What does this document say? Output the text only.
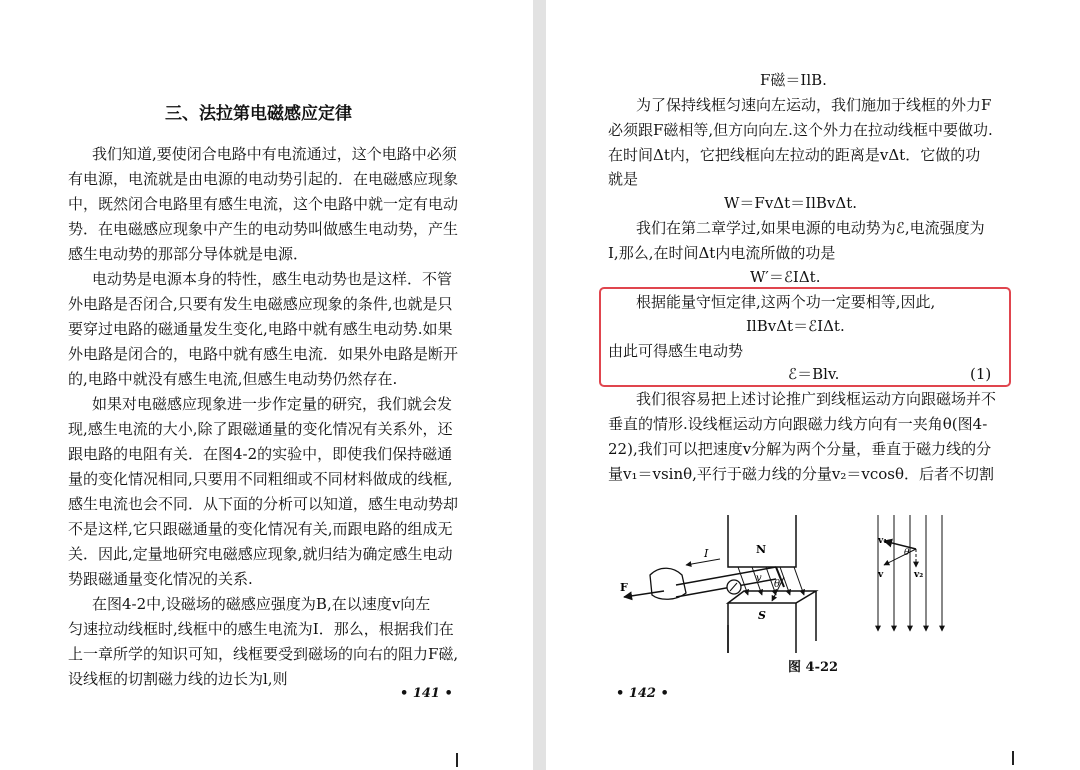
三、法拉第电磁感应定律
我们知道,要使闭合电路中有电流通过，这个电路中必须
有电源，电流就是由电源的电动势引起的．在电磁感应现象
中，既然闭合电路里有感生电流，这个电路中就一定有电动
势．在电磁感应现象中产生的电动势叫做感生电动势，产生
感生电动势的那部分导体就是电源．
电动势是电源本身的特性，感生电动势也是这样．不管
外电路是否闭合,只要有发生电磁感应现象的条件,也就是只
要穿过电路的磁通量发生变化,电路中就有感生电动势.如果
外电路是闭合的，电路中就有感生电流．如果外电路是断开
的,电路中就没有感生电流,但感生电动势仍然存在.
如果对电磁感应现象进一步作定量的研究，我们就会发
现,感生电流的大小,除了跟磁通量的变化情况有关系外，还
跟电路的电阻有关．在图4-2的实验中，即使我们保持磁通
量的变化情况相同,只要用不同粗细或不同材料做成的线框,
感生电流也会不同．从下面的分析可以知道，感生电动势却
不是这样,它只跟磁通量的变化情况有关,而跟电路的组成无
关．因此,定量地研究电磁感应现象,就归结为确定感生电动
势跟磁通量变化情况的关系.
在图4-2中,设磁场的磁感应强度为B,在以速度v向左
匀速拉动线框时,线框中的感生电流为I．那么，根据我们在
上一章所学的知识可知，线框要受到磁场的向右的阻力F磁,
设线框的切割磁力线的边长为l,则
• 141 •
F磁＝IlB.
为了保持线框匀速向左运动，我们施加于线框的外力F
必须跟F磁相等,但方向向左.这个外力在拉动线框中要做功.
在时间Δt内，它把线框向左拉动的距离是vΔt．它做的功
就是
W＝FvΔt＝IlBvΔt.
我们在第二章学过,如果电源的电动势为ℰ,电流强度为
I,那么,在时间Δt内电流所做的功是
W′＝ℰIΔt.
根据能量守恒定律,这两个功一定要相等,因此,
IlBvΔt＝ℰIΔt.
由此可得感生电动势
ℰ＝Blv.	(1)
我们很容易把上述讨论推广到线框运动方向跟磁场并不
垂直的情形.设线框运动方向跟磁力线方向有一夹角θ(图4-
22),我们可以把速度v分解为两个分量，垂直于磁力线的分
量v₁＝vsinθ,平行于磁力线的分量v₂＝vcosθ．后者不切割
N
S
F
I
v
θ
v₁
v	v₂
θ
图 4-22
• 142 •
